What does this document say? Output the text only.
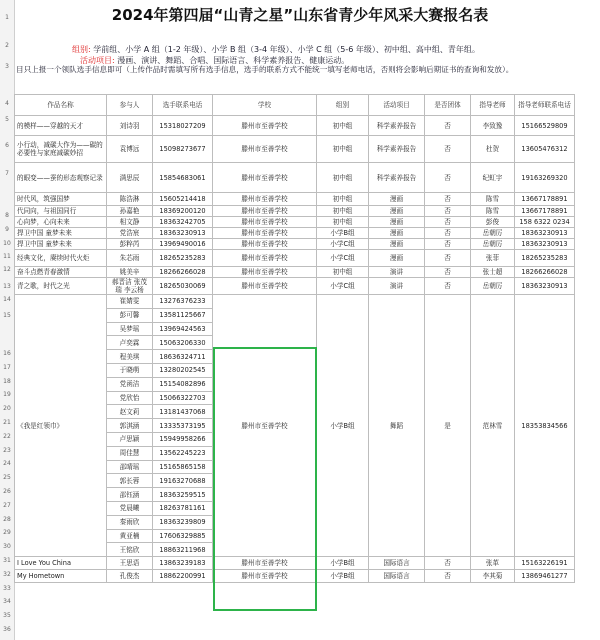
1
2
3
4
5
6
7
8
9
10
11
12
13
14
15
16
17
18
19
20
21
22
23
24
25
26
27
28
29
30
31
32
33
34
35
36
2024年第四届“山青之星”山东省青少年风采大赛报名表
组别: 学前组、小学 A 组（1-2 年级）、小学 B 组（3-4 年级）、小学 C 组（5-6 年级）、初中组、高中组、青年组。
活动项目: 漫画、演讲、舞蹈、合唱、国际语言、科学素养报告、健康运动。
目只上报一个领队选手信息即可（上传作品时需填写所有选手信息，选手的联系方式不能统一填写老师电话，否则将会影响后期证书的查询和发放）。
作品名称	参与人	选手联系电话	学校	组别	活动项目	是否团体	指导老师	指导老师联系电话
的模样——穿越的天才	刘诗羽	15318027209	滕州市至善学校	初中组	科学素养报告	否	李致豫	15166529809
小行动，减碳大作为——碳的必要性与家庭减碳妙招	袁博远	15098273677	滕州市至善学校	初中组	科学素养报告	否	杜贺	13605476312
的眼变——蚕的形态观察记录	满思辰	15854683061	滕州市至善学校	初中组	科学素养报告	否	纪虹宇	19163269320
时代风，筑强国梦	陈浩淋	15605214418	滕州市至善学校	初中组	漫画	否	陈雪	13667178891
代同向，与祖国同行	孙嘉艳	18369200120	滕州市至善学校	初中组	漫画	否	陈雪	13667178891
心向梦，心向未来	相文静	18363242705	滕州市至善学校	初中组	漫画	否	彭俊	158 6322 0234
捍卫中国 童梦未来	党浩宸	18363230913	滕州市至善学校	小学B组	漫画	否	岳朝厉	18363230913
捍卫中国 童梦未来	彭粹芮	13969490016	滕州市至善学校	小学C组	漫画	否	岳朝厉	18363230913
经典文化，赓续时代火炬	朱芯雨	18265235283	滕州市至善学校	小学C组	漫画	否	张菲	18265235283
奋斗点燃青春激情	姚美辛	18266266028	滕州市至善学校	初中组	演讲	否	张士超	18266266028
青之歌，时代之光	郝晋洁 张茂瑞 李云杨	18265030069	滕州市至善学校	小学C组	演讲	否	岳朝厉	18363230913
《我是红领巾》	崔婧雯	13276376233	滕州市至善学校	小学B组	舞蹈	是	范林雪	18353834566
	彭可馨	13581125667						
	吴梦瑶	13969424563						
	卢奕霖	15063206330						
	程美琪	18636324711						
	于晓萌	13280202545						
	党函洁	15154082896						
	党欣怡	15066322703						
	赵文莉	13181437068						
	郭淇涵	13335373195						
	卢思颖	15949958266						
	周佳慧	13562245223						
	邵晴瑶	15165865158						
	郭长蓉	19163270688						
	邵钰涵	18363259515						
	党晨曦	18263781161						
	秦雨欣	18363239809						
	黄亚楠	17606329885						
	王铭欣	18863211968						
I Love You China	王思语	13863239183	滕州市至善学校	小学B组	国际语言	否	张革	15163226191
My Hometown	孔俊杰	18862200991	滕州市至善学校	小学B组	国际语言	否	李其菊	13869461277
